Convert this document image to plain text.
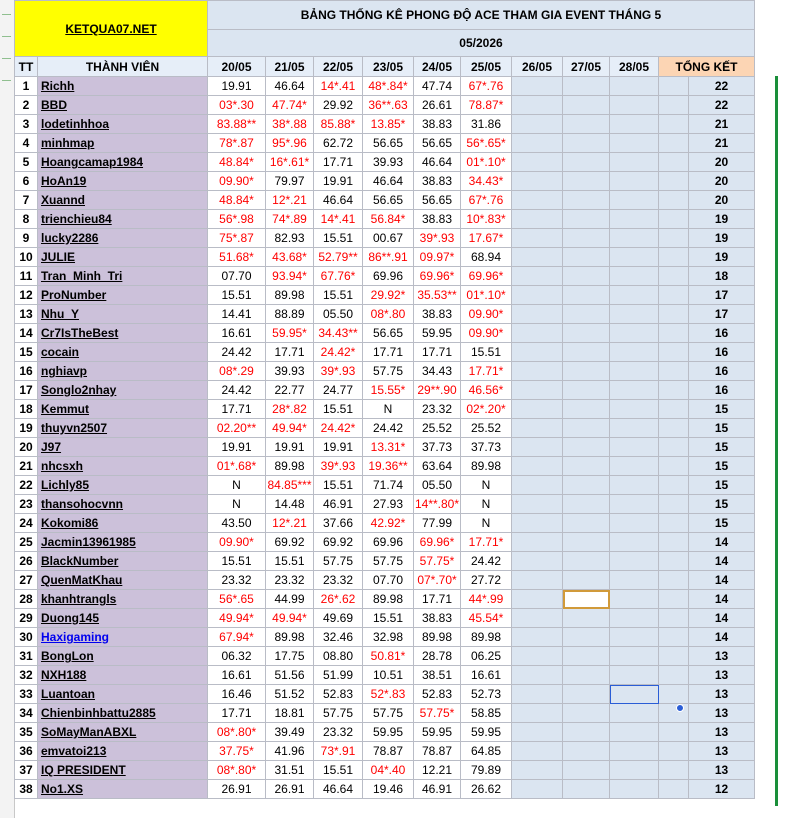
KETQUA07.NET		BẢNG THỐNG KÊ PHONG ĐỘ ACE THAM GIA EVENT THÁNG 5										
		05/2026										
TT	THÀNH VIÊN	20/05	21/05	22/05	23/05	24/05	25/05	26/05	27/05	28/05	TỔNG KẾT	
1	Richh	19.91	46.64	14*.41	48*.84*	47.74	67*.76					22
2	BBD	03*.30	47.74*	29.92	36**.63	26.61	78.87*					22
3	lodetinhhoa	83.88**	38*.88	85.88*	13.85*	38.83	31.86					21
4	minhmap	78*.87	95*.96	62.72	56.65	56.65	56*.65*					21
5	Hoangcamap1984	48.84*	16*.61*	17.71	39.93	46.64	01*.10*					20
6	HoAn19	09.90*	79.97	19.91	46.64	38.83	34.43*					20
7	Xuannd	48.84*	12*.21	46.64	56.65	56.65	67*.76					20
8	trienchieu84	56*.98	74*.89	14*.41	56.84*	38.83	10*.83*					19
9	lucky2286	75*.87	82.93	15.51	00.67	39*.93	17.67*					19
10	JULIE	51.68*	43.68*	52.79**	86**.91	09.97*	68.94					19
11	Tran_Minh_Tri	07.70	93.94*	67.76*	69.96	69.96*	69.96*					18
12	ProNumber	15.51	89.98	15.51	29.92*	35.53**	01*.10*					17
13	Nhu_Y	14.41	88.89	05.50	08*.80	38.83	09.90*					17
14	Cr7IsTheBest	16.61	59.95*	34.43**	56.65	59.95	09.90*					16
15	cocain	24.42	17.71	24.42*	17.71	17.71	15.51					16
16	nghiavp	08*.29	39.93	39*.93	57.75	34.43	17.71*					16
17	Songlo2nhay	24.42	22.77	24.77	15.55*	29**.90	46.56*					16
18	Kemmut	17.71	28*.82	15.51	N	23.32	02*.20*					15
19	thuyvn2507	02.20**	49.94*	24.42*	24.42	25.52	25.52					15
20	J97	19.91	19.91	19.91	13.31*	37.73	37.73					15
21	nhcsxh	01*.68*	89.98	39*.93	19.36**	63.64	89.98					15
22	Lichly85	N	84.85***	15.51	71.74	05.50	N					15
23	thansohocvnn	N	14.48	46.91	27.93	14**.80*	N					15
24	Kokomi86	43.50	12*.21	37.66	42.92*	77.99	N					15
25	Jacmin13961985	09.90*	69.92	69.92	69.96	69.96*	17.71*					14
26	BlackNumber	15.51	15.51	57.75	57.75	57.75*	24.42					14
27	QuenMatKhau	23.32	23.32	23.32	07.70	07*.70*	27.72					14
28	khanhtrangls	56*.65	44.99	26*.62	89.98	17.71	44*.99					14
29	Duong145	49.94*	49.94*	49.69	15.51	38.83	45.54*					14
30	Haxigaming	67.94*	89.98	32.46	32.98	89.98	89.98					14
31	BongLon	06.32	17.75	08.80	50.81*	28.78	06.25					13
32	NXH188	16.61	51.56	51.99	10.51	38.51	16.61					13
33	Luantoan	16.46	51.52	52.83	52*.83	52.83	52.73					13
34	Chienbinhbattu2885	17.71	18.81	57.75	57.75	57.75*	58.85					13
35	SoMayManABXL	08*.80*	39.49	23.32	59.95	59.95	59.95					13
36	emvatoi213	37.75*	41.96	73*.91	78.87	78.87	64.85					13
37	IQ PRESIDENT	08*.80*	31.51	15.51	04*.40	12.21	79.89					13
38	No1.XS	26.91	26.91	46.64	19.46	46.91	26.62					12
